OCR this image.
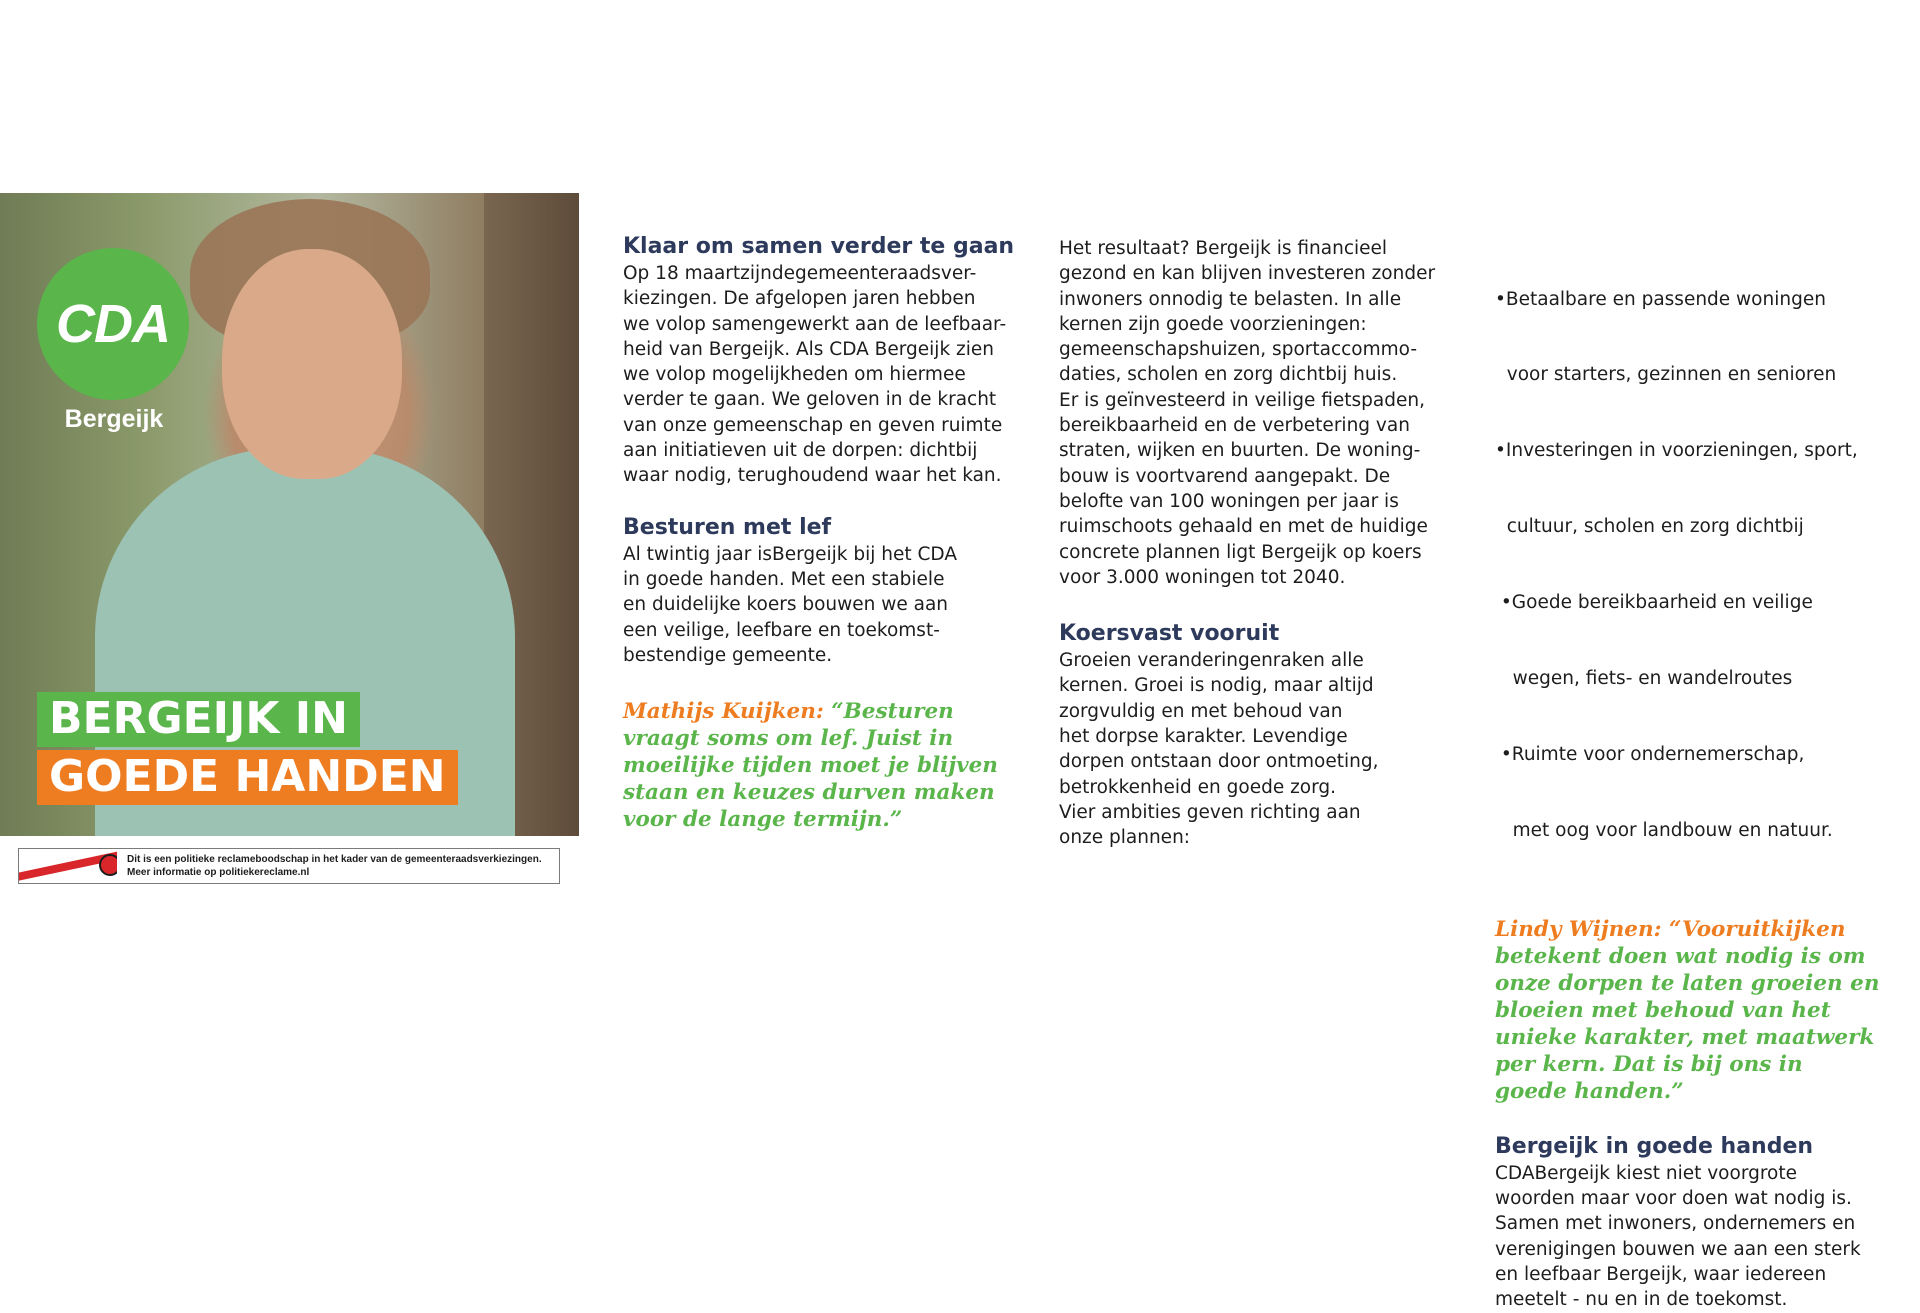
CDA
Bergeijk
BERGEIJK IN
GOEDE HANDEN
Dit is een politieke reclameboodschap in het kader van de gemeenteraadsverkiezingen.
Meer informatie op politiekereclame.nl

Klaar om samen verder te gaan

Op 18 maartzijndegemeenteraadsver-

kiezingen. De afgelopen jaren hebben

we volop samengewerkt aan de leefbaar-

heid van Bergeijk. Als CDA Bergeijk zien

we volop mogelijkheden om hiermee

verder te gaan. We geloven in de kracht

van onze gemeenschap en geven ruimte

aan initiatieven uit de dorpen: dichtbij

waar nodig, terughoudend waar het kan.

Besturen met lef

Al twintig jaar isBergeijk bij het CDA

in goede handen. Met een stabiele

en duidelijke koers bouwen we aan

een veilige, leefbare en toekomst-

bestendige gemeente.

Mathijs Kuijken: “Besturen

vraagt soms om lef. Juist in

moeilijke tijden moet je blijven

staan en keuzes durven maken

voor de lange termijn.”

Het resultaat? Bergeijk is financieel

gezond en kan blijven investeren zonder

inwoners onnodig te belasten. In alle

kernen zijn goede voorzieningen:

gemeenschapshuizen, sportaccommo-

daties, scholen en zorg dichtbij huis.

Er is geïnvesteerd in veilige fietspaden,

bereikbaarheid en de verbetering van

straten, wijken en buurten. De woning-

bouw is voortvarend aangepakt. De

belofte van 100 woningen per jaar is

ruimschoots gehaald en met de huidige

concrete plannen ligt Bergeijk op koers

voor 3.000 woningen tot 2040.

Koersvast vooruit

Groeien veranderingenraken alle

kernen. Groei is nodig, maar altijd

zorgvuldig en met behoud van

het dorpse karakter. Levendige

dorpen ontstaan door ontmoeting,

betrokkenheid en goede zorg.

Vier ambities geven richting aan

onze plannen:

•Betaalbare en passende woningen

voor starters, gezinnen en senioren

•Investeringen in voorzieningen, sport,

cultuur, scholen en zorg dichtbij

•Goede bereikbaarheid en veilige

wegen, fiets- en wandelroutes

•Ruimte voor ondernemerschap,

met oog voor landbouw en natuur.

Lindy Wijnen: “Vooruitkijken

betekent doen wat nodig is om

onze dorpen te laten groeien en

bloeien met behoud van het

unieke karakter, met maatwerk

per kern. Dat is bij ons in

goede handen.”

Bergeijk in goede handen

CDABergeijk kiest niet voorgrote

woorden maar voor doen wat nodig is.

Samen met inwoners, ondernemers en

verenigingen bouwen we aan een sterk

en leefbaar Bergeijk, waar iedereen

meetelt - nu en in de toekomst.
